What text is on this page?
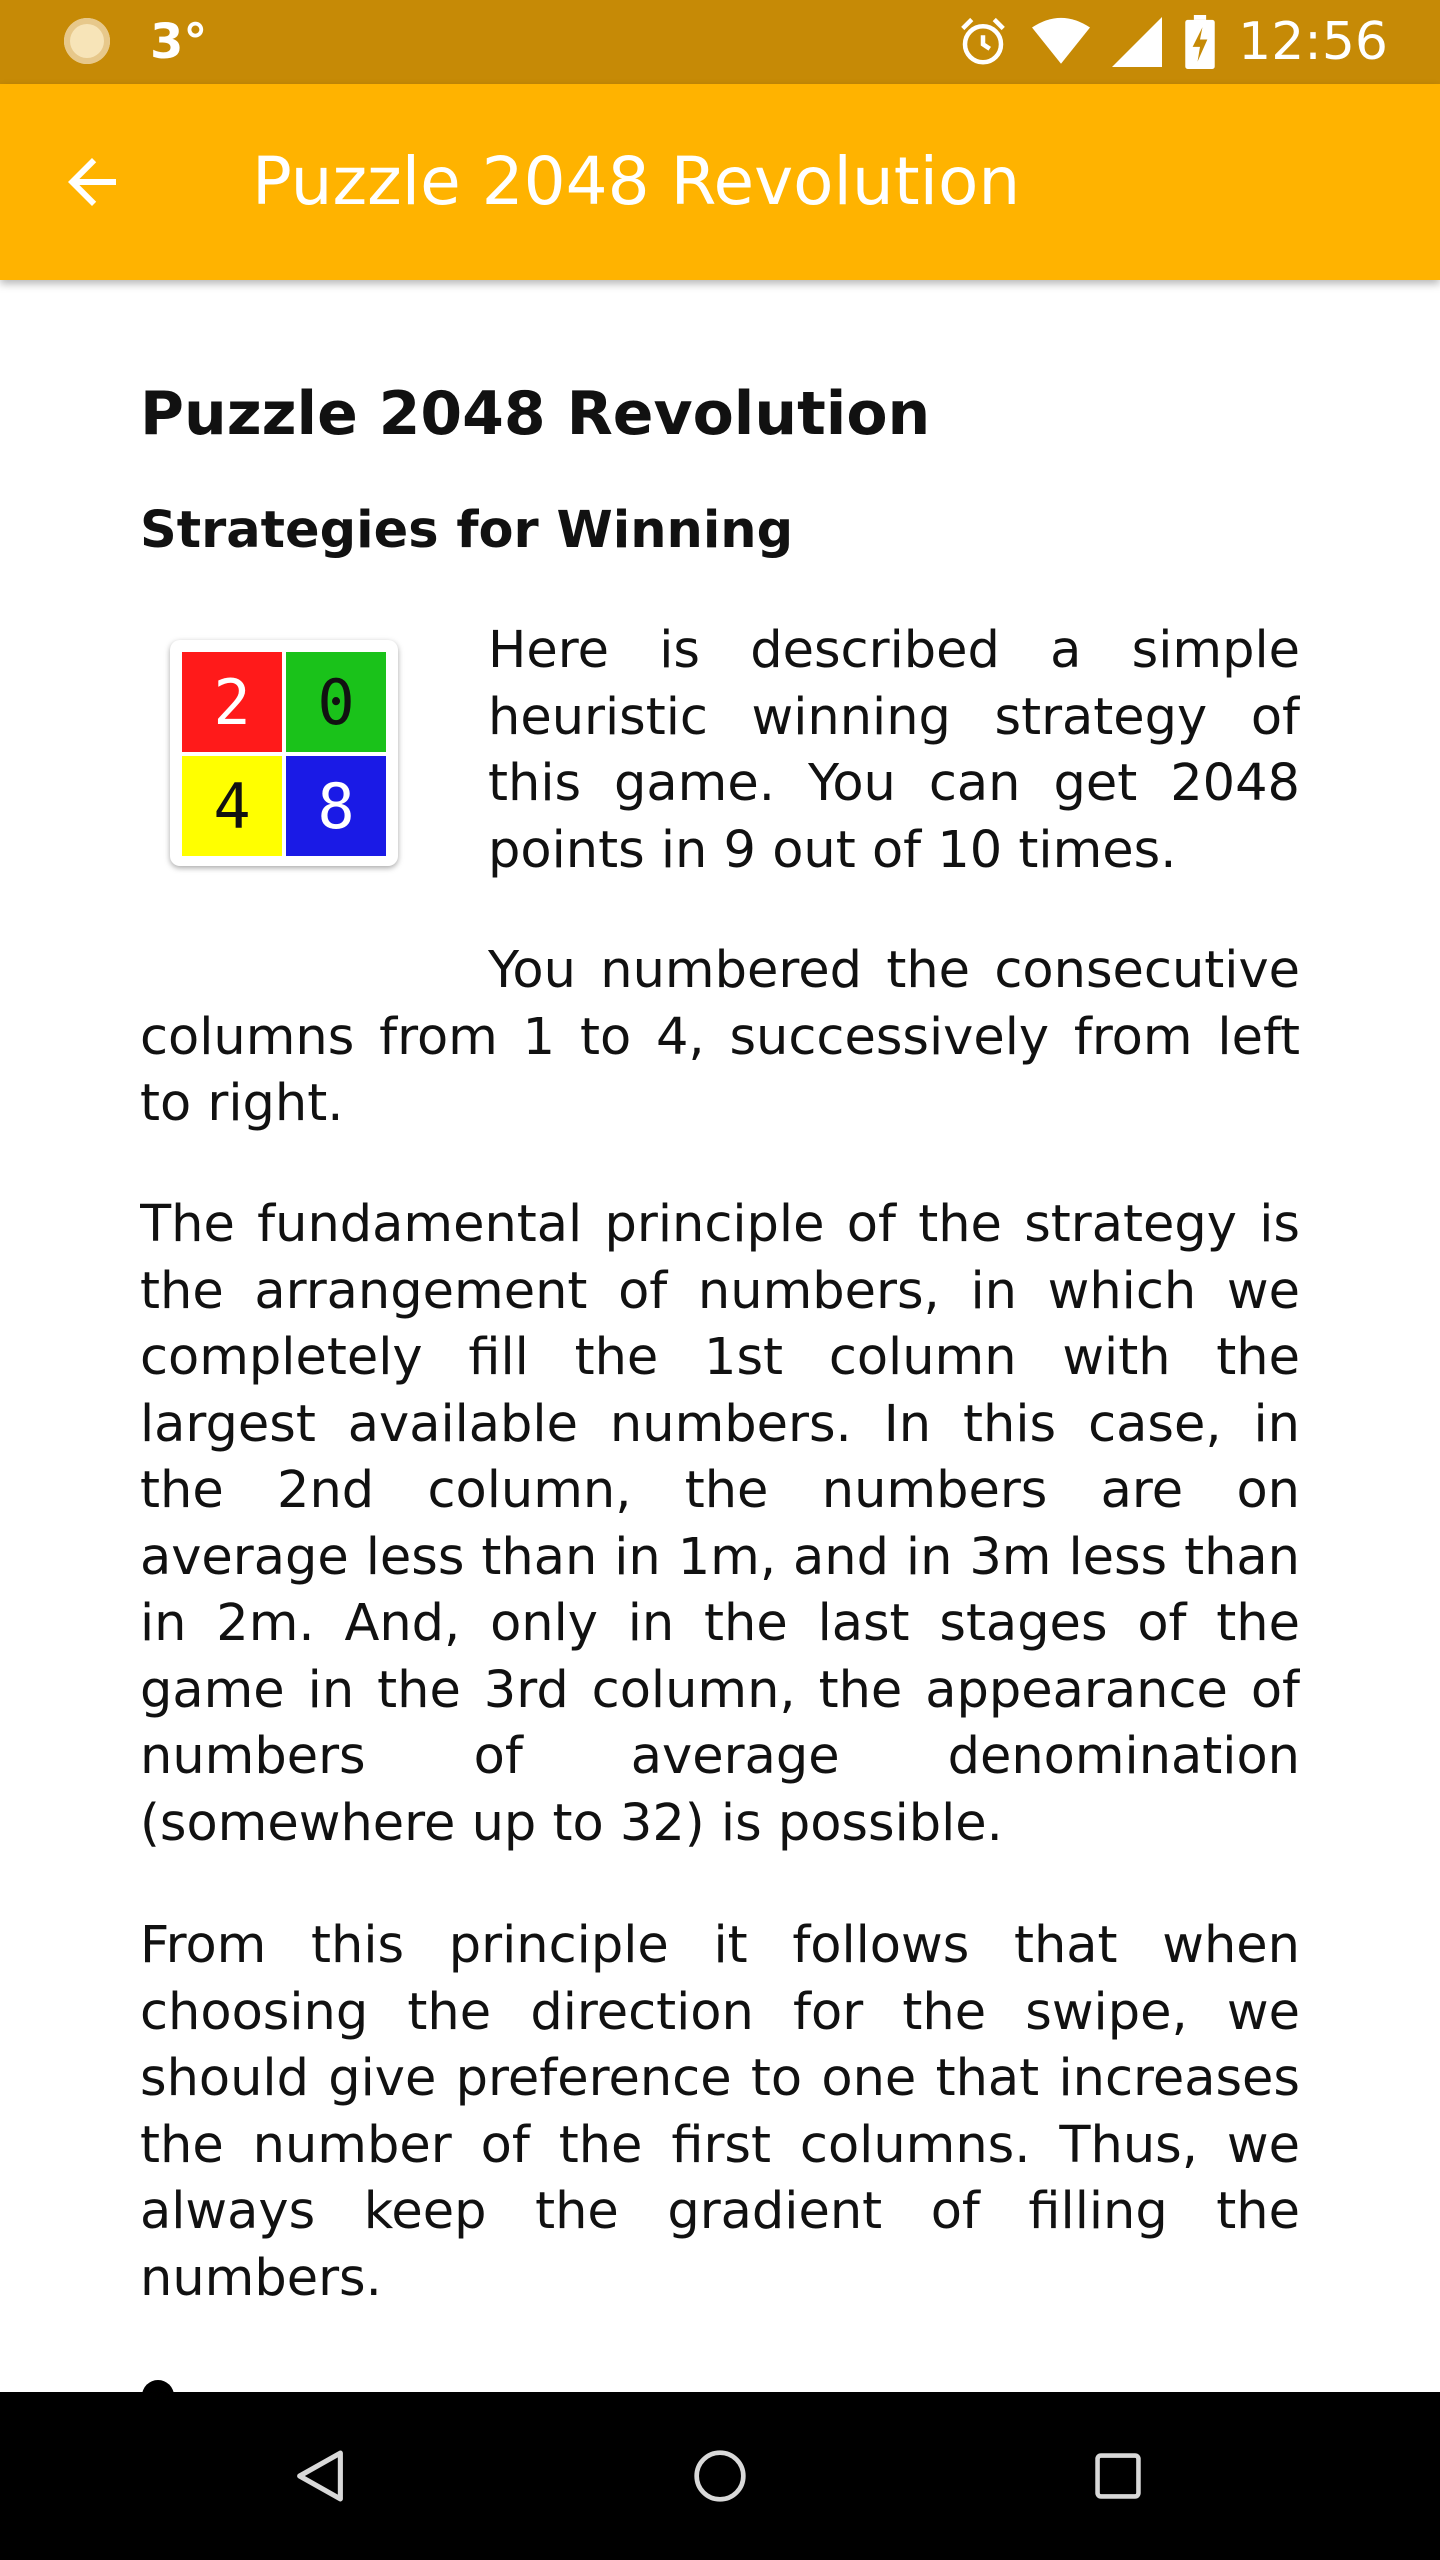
3°	12:56
Puzzle 2048 Revolution
Puzzle 2048 Revolution
Strategies for Winning
2	0
4	8

Here is described a simple heuristic winning strategy of this game. You can get 2048 points in 9 out of 10 times.

You numbered the consecutive columns from 1 to 4, successively from left to right.

The fundamental principle of the strategy is the arrangement of numbers, in which we completely fill the 1st column with the largest available numbers. In this case, in the 2nd column, the numbers are on average less than in 1m, and in 3m less than in 2m. And, only in the last stages of the game in the 3rd column, the appearance of numbers of average denomination (somewhere up to 32) is possible.

From this principle it follows that when choosing the direction for the swipe, we should give preference to one that increases the number of the first columns. Thus, we always keep the gradient of filling the numbers.
